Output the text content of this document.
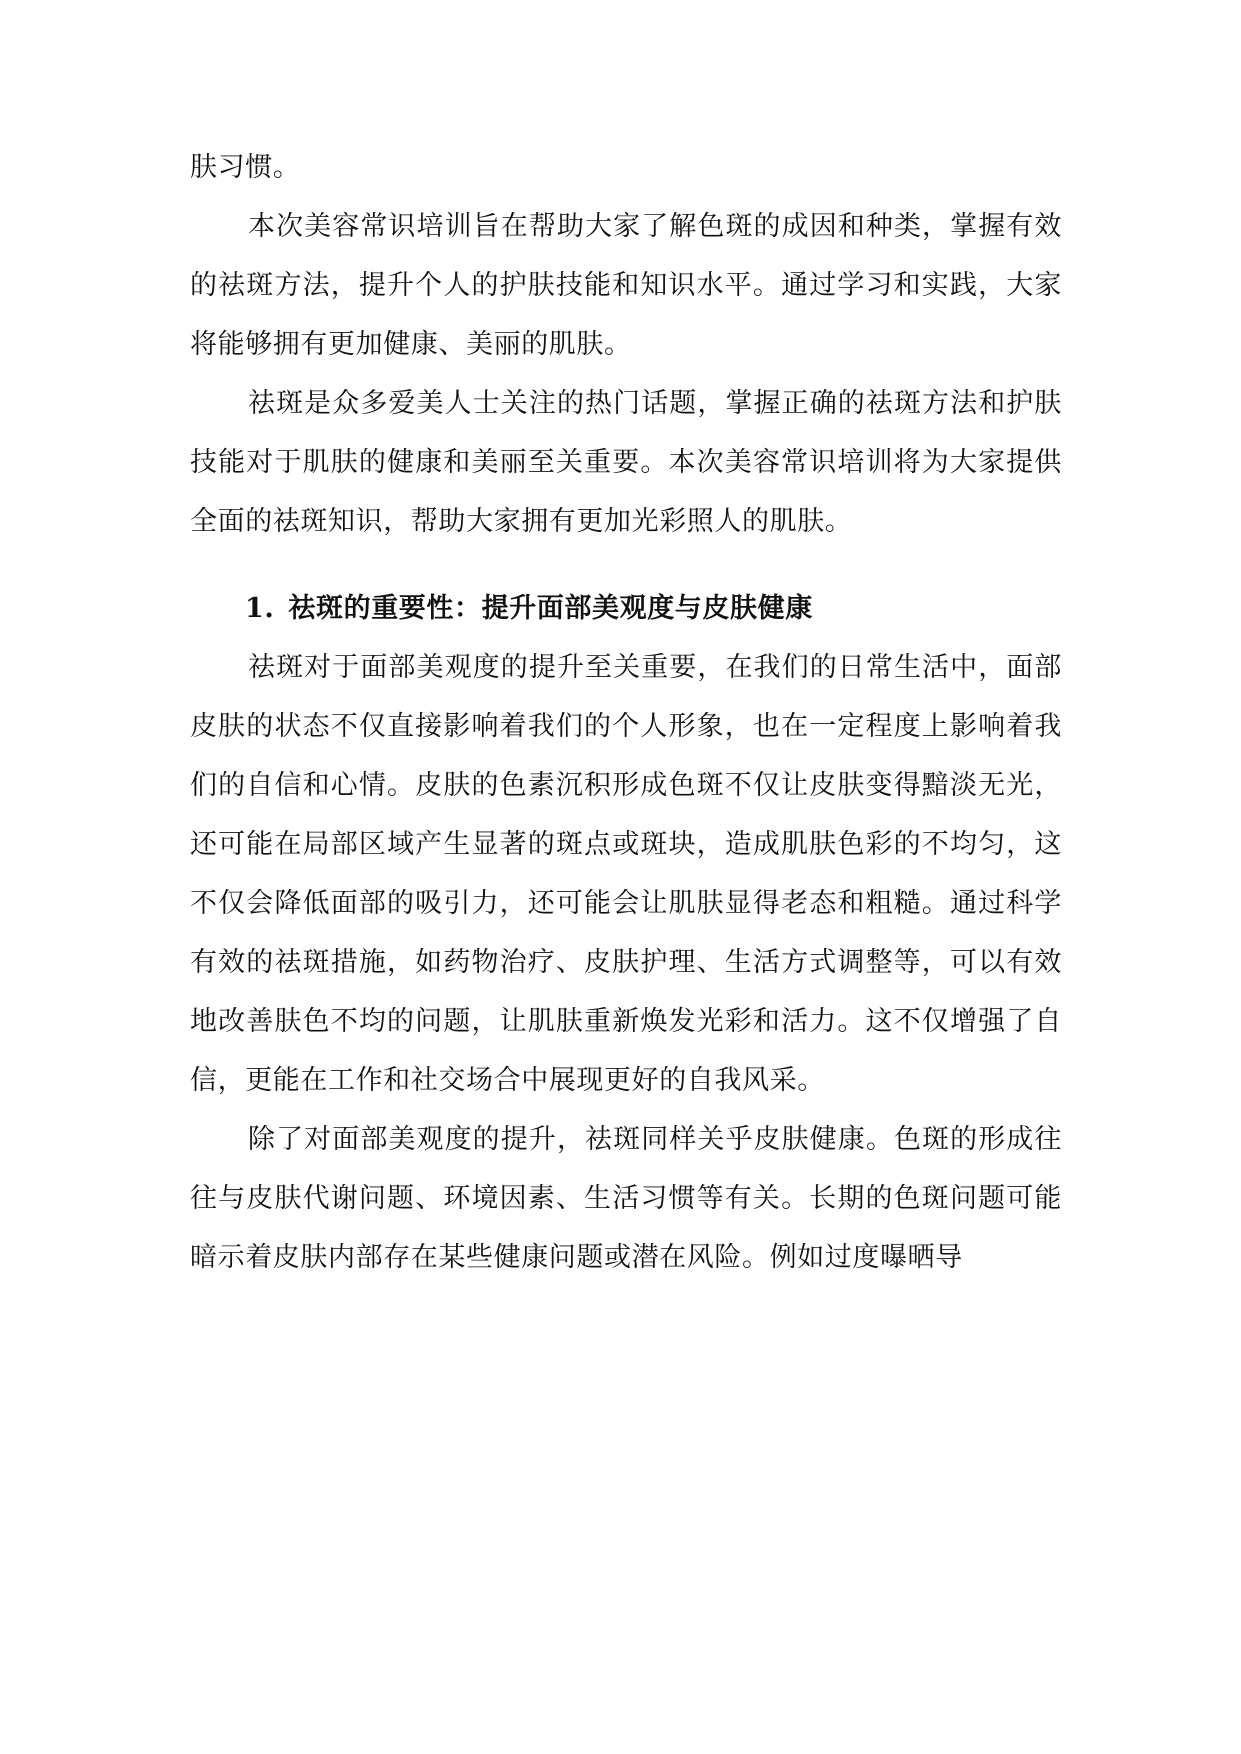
肤习惯。

本次美容常识培训旨在帮助大家了解色斑的成因和种类，掌握有效的祛斑方法，提升个人的护肤技能和知识水平。通过学习和实践，大家将能够拥有更加健康、美丽的肌肤。

祛斑是众多爱美人士关注的热门话题，掌握正确的祛斑方法和护肤技能对于肌肤的健康和美丽至关重要。本次美容常识培训将为大家提供全面的祛斑知识，帮助大家拥有更加光彩照人的肌肤。

1. 祛斑的重要性：提升面部美观度与皮肤健康

祛斑对于面部美观度的提升至关重要，在我们的日常生活中，面部皮肤的状态不仅直接影响着我们的个人形象，也在一定程度上影响着我们的自信和心情。皮肤的色素沉积形成色斑不仅让皮肤变得黯淡无光，还可能在局部区域产生显著的斑点或斑块，造成肌肤色彩的不均匀，这不仅会降低面部的吸引力，还可能会让肌肤显得老态和粗糙。通过科学有效的祛斑措施，如药物治疗、皮肤护理、生活方式调整等，可以有效地改善肤色不均的问题，让肌肤重新焕发光彩和活力。这不仅增强了自信，更能在工作和社交场合中展现更好的自我风采。

除了对面部美观度的提升，祛斑同样关乎皮肤健康。色斑的形成往往与皮肤代谢问题、环境因素、生活习惯等有关。长期的色斑问题可能暗示着皮肤内部存在某些健康问题或潜在风险。例如过度曝晒导
